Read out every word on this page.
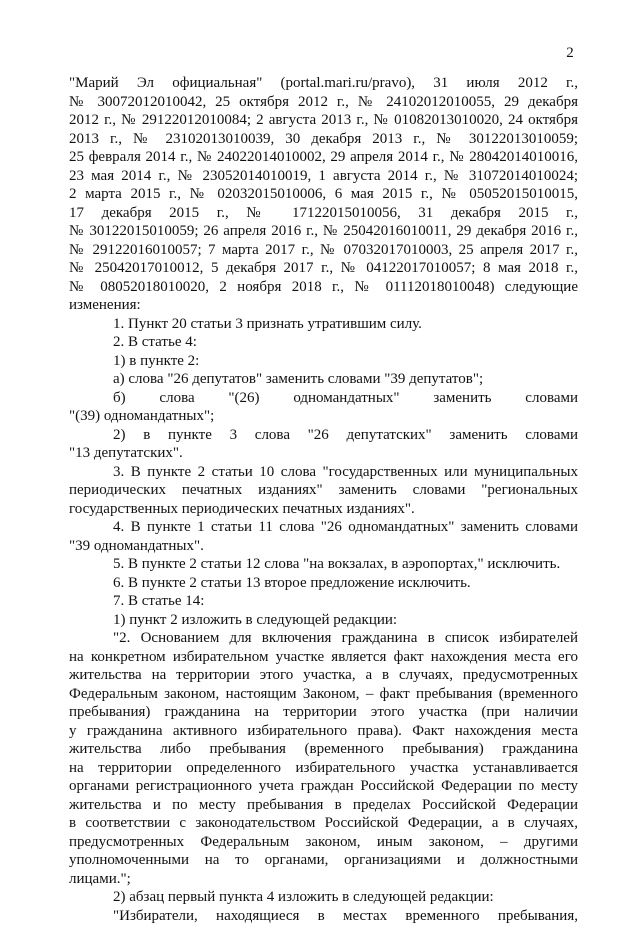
2

"Марий Эл официальная" (portal.mari.ru/pravo), 31 июля 2012 г.,

№ 30072012010042, 25 октября 2012 г., № 24102012010055, 29 декабря

2012 г., № 29122012010084; 2 августа 2013 г., № 01082013010020, 24 октября

2013 г., № 23102013010039, 30 декабря 2013 г., № 30122013010059;

25 февраля 2014 г., № 24022014010002, 29 апреля 2014 г., № 28042014010016,

23 мая 2014 г., № 23052014010019, 1 августа 2014 г., № 31072014010024;

2 марта 2015 г., № 02032015010006, 6 мая 2015 г., № 05052015010015,

17 декабря 2015 г., № 17122015010056, 31 декабря 2015 г.,

№ 30122015010059; 26 апреля 2016 г., № 25042016010011, 29 декабря 2016 г.,

№ 29122016010057; 7 марта 2017 г., № 07032017010003, 25 апреля 2017 г.,

№ 25042017010012, 5 декабря 2017 г., № 04122017010057; 8 мая 2018 г.,

№ 08052018010020, 2 ноября 2018 г., № 01112018010048) следующие

изменения:

1. Пункт 20 статьи 3 признать утратившим силу.

2. В статье 4:

1) в пункте 2:

а) слова "26 депутатов" заменить словами "39 депутатов";

б) слова "(26) одномандатных" заменить словами

"(39) одномандатных";

2) в пункте 3 слова "26 депутатских" заменить словами

"13 депутатских".

3. В пункте 2 статьи 10 слова "государственных или муниципальных

периодических печатных изданиях" заменить словами "региональных

государственных периодических печатных изданиях".

4. В пункте 1 статьи 11 слова "26 одномандатных" заменить словами

"39 одномандатных".

5. В пункте 2 статьи 12 слова "на вокзалах, в аэропортах," исключить.

6. В пункте 2 статьи 13 второе предложение исключить.

7. В статье 14:

1) пункт 2 изложить в следующей редакции:

"2. Основанием для включения гражданина в список избирателей

на конкретном избирательном участке является факт нахождения места его

жительства на территории этого участка, а в случаях, предусмотренных

Федеральным законом, настоящим Законом, – факт пребывания (временного

пребывания) гражданина на территории этого участка (при наличии

у гражданина активного избирательного права). Факт нахождения места

жительства либо пребывания (временного пребывания) гражданина

на территории определенного избирательного участка устанавливается

органами регистрационного учета граждан Российской Федерации по месту

жительства и по месту пребывания в пределах Российской Федерации

в соответствии с законодательством Российской Федерации, а в случаях,

предусмотренных Федеральным законом, иным законом, – другими

уполномоченными на то органами, организациями и должностными

лицами.";

2) абзац первый пункта 4 изложить в следующей редакции:

"Избиратели, находящиеся в местах временного пребывания,
